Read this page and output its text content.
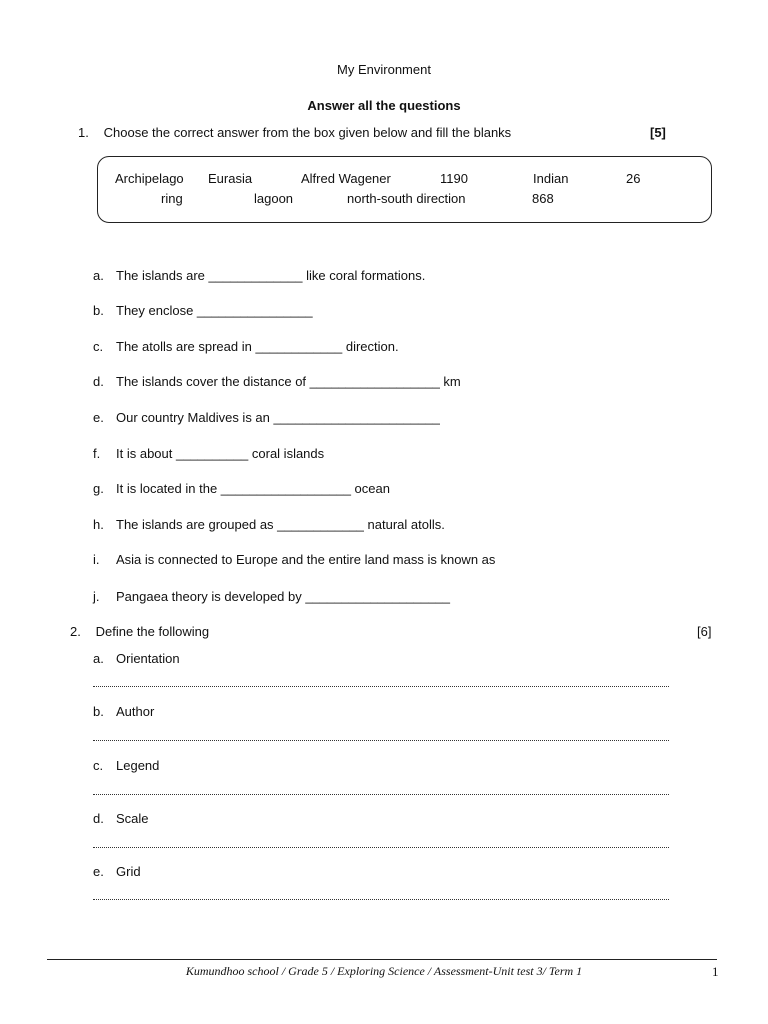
My Environment
Answer all the questions
1. Choose the correct answer from the box given below and fill the blanks	[5]
Archipelago Eurasia	Alfred Wagener	1190	Indian	26
ring	lagoon	north-south direction	868
a. The islands are _____________ like coral formations.
b. They enclose ________________
c. The atolls are spread in ____________ direction.
d. The islands cover the distance of __________________ km
e. Our country Maldives is an _______________________
f. It is about __________ coral islands
g. It is located in the __________________ ocean
h. The islands are grouped as ____________ natural atolls.
i. Asia is connected to Europe and the entire land mass is known as
j. Pangaea theory is developed by ____________________
2. Define the following	[6]
a. Orientation
b. Author
c. Legend
d. Scale
e. Grid
Kumundhoo school / Grade 5 / Exploring Science / Assessment-Unit test 3/ Term 1	1
